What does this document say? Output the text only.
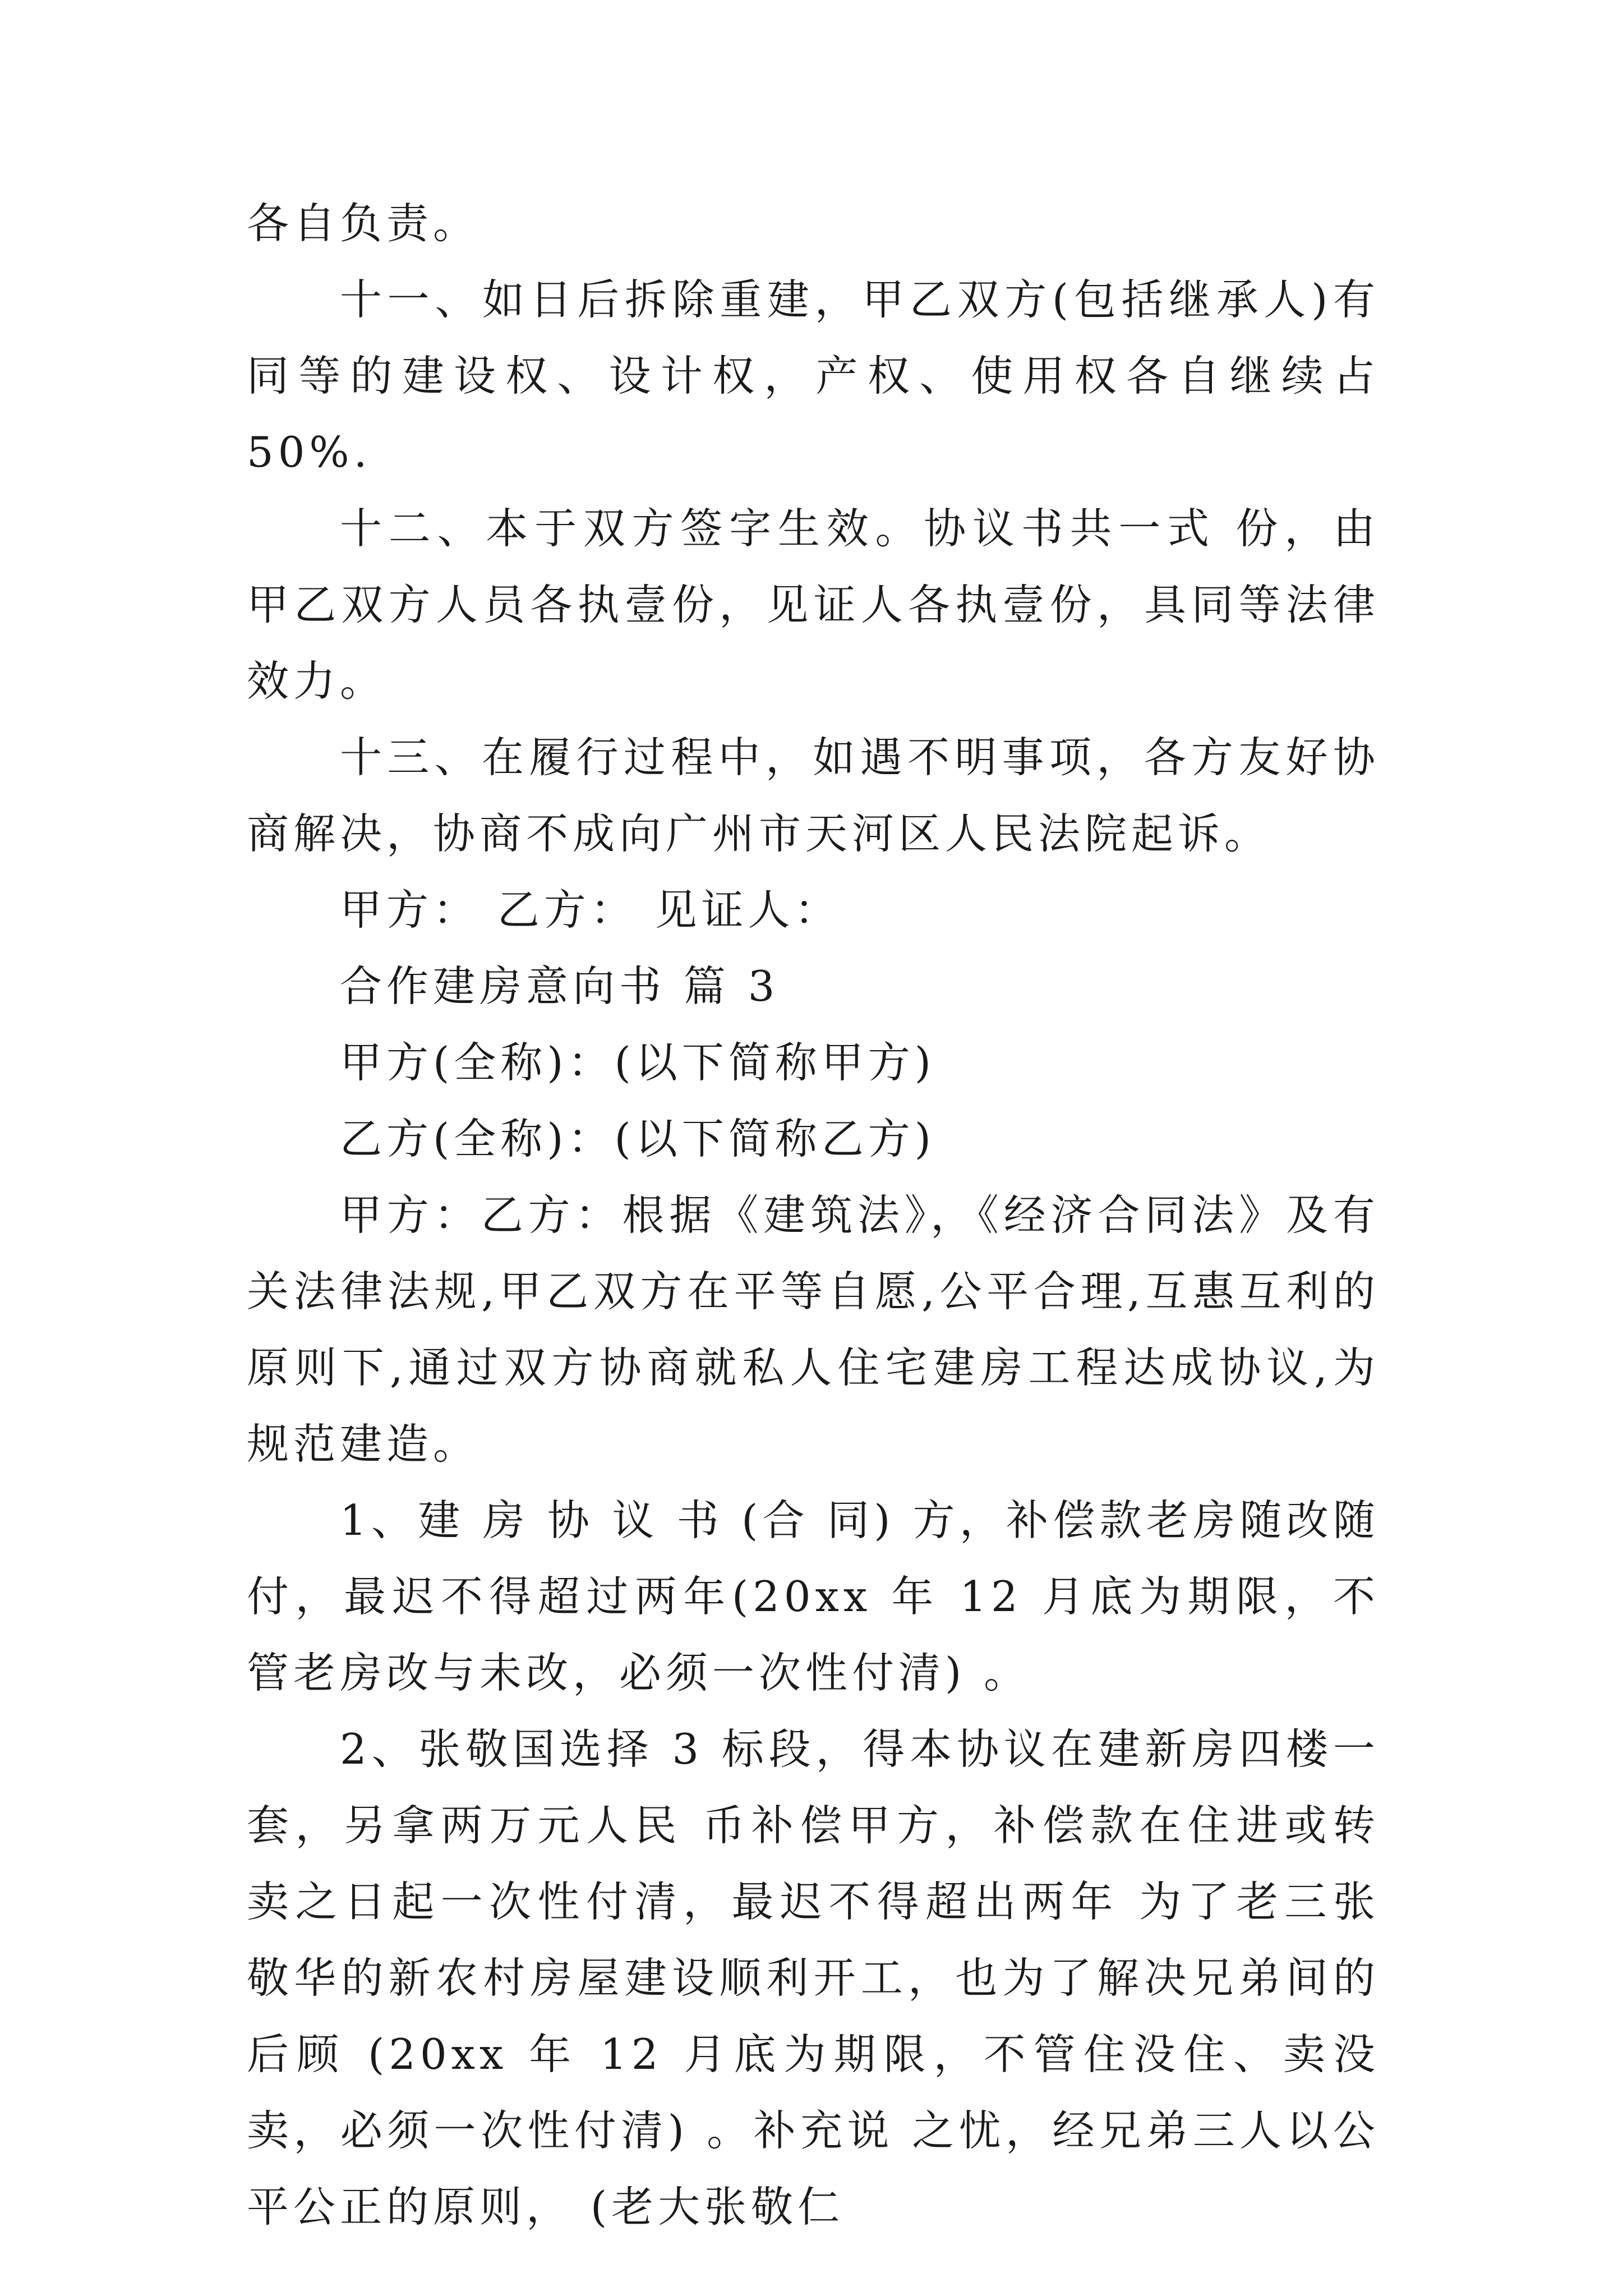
各自负责。

十一、如日后拆除重建，甲乙双方(包括继承人)有同等的建设权、设计权，产权、使用权各自继续占 50%.

十二、本于双方签字生效。协议书共一式 份，由甲乙双方人员各执壹份，见证人各执壹份，具同等法律效力。

十三、在履行过程中，如遇不明事项，各方友好协商解决，协商不成向广州市天河区人民法院起诉。

甲方： 乙方： 见证人：

合作建房意向书 篇 3

甲方(全称)：(以下简称甲方)

乙方(全称)：(以下简称乙方)

甲方：乙方：根据《建筑法》，《经济合同法》及有关法律法规,甲乙双方在平等自愿,公平合理,互惠互利的原则下,通过双方协商就私人住宅建房工程达成协议,为规范建造。

1、建 房 协 议 书 (合 同) 方，补偿款老房随改随付，最迟不得超过两年(20xx 年 12 月底为期限，不 管老房改与未改，必须一次性付清) 。

2、张敬国选择 3 标段，得本协议在建新房四楼一套，另拿两万元人民 币补偿甲方，补偿款在住进或转卖之日起一次性付清，最迟不得超出两年 为了老三张敬华的新农村房屋建设顺利开工，也为了解决兄弟间的后顾 (20xx 年 12 月底为期限，不管住没住、卖没卖，必须一次性付清) 。补充说 之忧，经兄弟三人以公平公正的原则， (老大张敬仁
